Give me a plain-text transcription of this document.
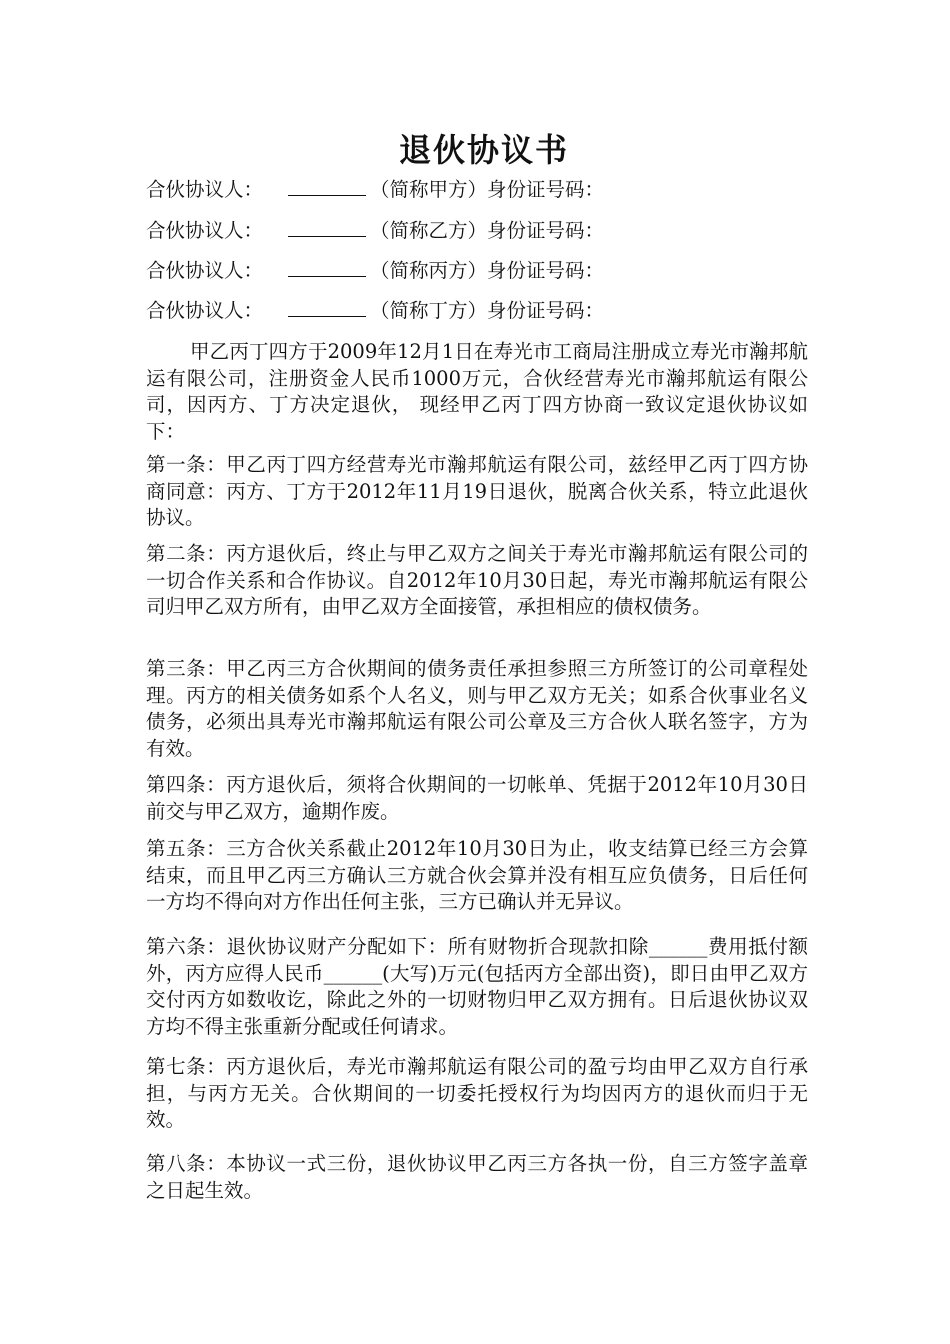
退伙协议书
合伙协议人：	（简称甲方）身份证号码：
合伙协议人：	（简称乙方）身份证号码：
合伙协议人：	（简称丙方）身份证号码：
合伙协议人：	（简称丁方）身份证号码：

甲乙丙丁四方于2009年12月1日在寿光市工商局注册成立寿光市瀚邦航运有限公司，注册资金人民币1000万元，合伙经营寿光市瀚邦航运有限公司，因丙方、丁方决定退伙， 现经甲乙丙丁四方协商一致议定退伙协议如下：

第一条：甲乙丙丁四方经营寿光市瀚邦航运有限公司，兹经甲乙丙丁四方协商同意：丙方、丁方于2012年11月19日退伙，脱离合伙关系，特立此退伙协议。

第二条：丙方退伙后，终止与甲乙双方之间关于寿光市瀚邦航运有限公司的一切合作关系和合作协议。自2012年10月30日起，寿光市瀚邦航运有限公司归甲乙双方所有，由甲乙双方全面接管，承担相应的债权债务。

第三条：甲乙丙三方合伙期间的债务责任承担参照三方所签订的公司章程处理。丙方的相关债务如系个人名义，则与甲乙双方无关；如系合伙事业名义债务，必须出具寿光市瀚邦航运有限公司公章及三方合伙人联名签字，方为有效。

第四条：丙方退伙后，须将合伙期间的一切帐单、凭据于2012年10月30日前交与甲乙双方，逾期作废。

第五条：三方合伙关系截止2012年10月30日为止，收支结算已经三方会算结束，而且甲乙丙三方确认三方就合伙会算并没有相互应负债务，日后任何一方均不得向对方作出任何主张，三方已确认并无异议。

第六条：退伙协议财产分配如下：所有财物折合现款扣除______费用抵付额外，丙方应得人民币______(大写)万元(包括丙方全部出资)，即日由甲乙双方交付丙方如数收讫，除此之外的一切财物归甲乙双方拥有。日后退伙协议双方均不得主张重新分配或任何请求。

第七条：丙方退伙后，寿光市瀚邦航运有限公司的盈亏均由甲乙双方自行承担，与丙方无关。合伙期间的一切委托授权行为均因丙方的退伙而归于无效。

第八条：本协议一式三份，退伙协议甲乙丙三方各执一份，自三方签字盖章之日起生效。
